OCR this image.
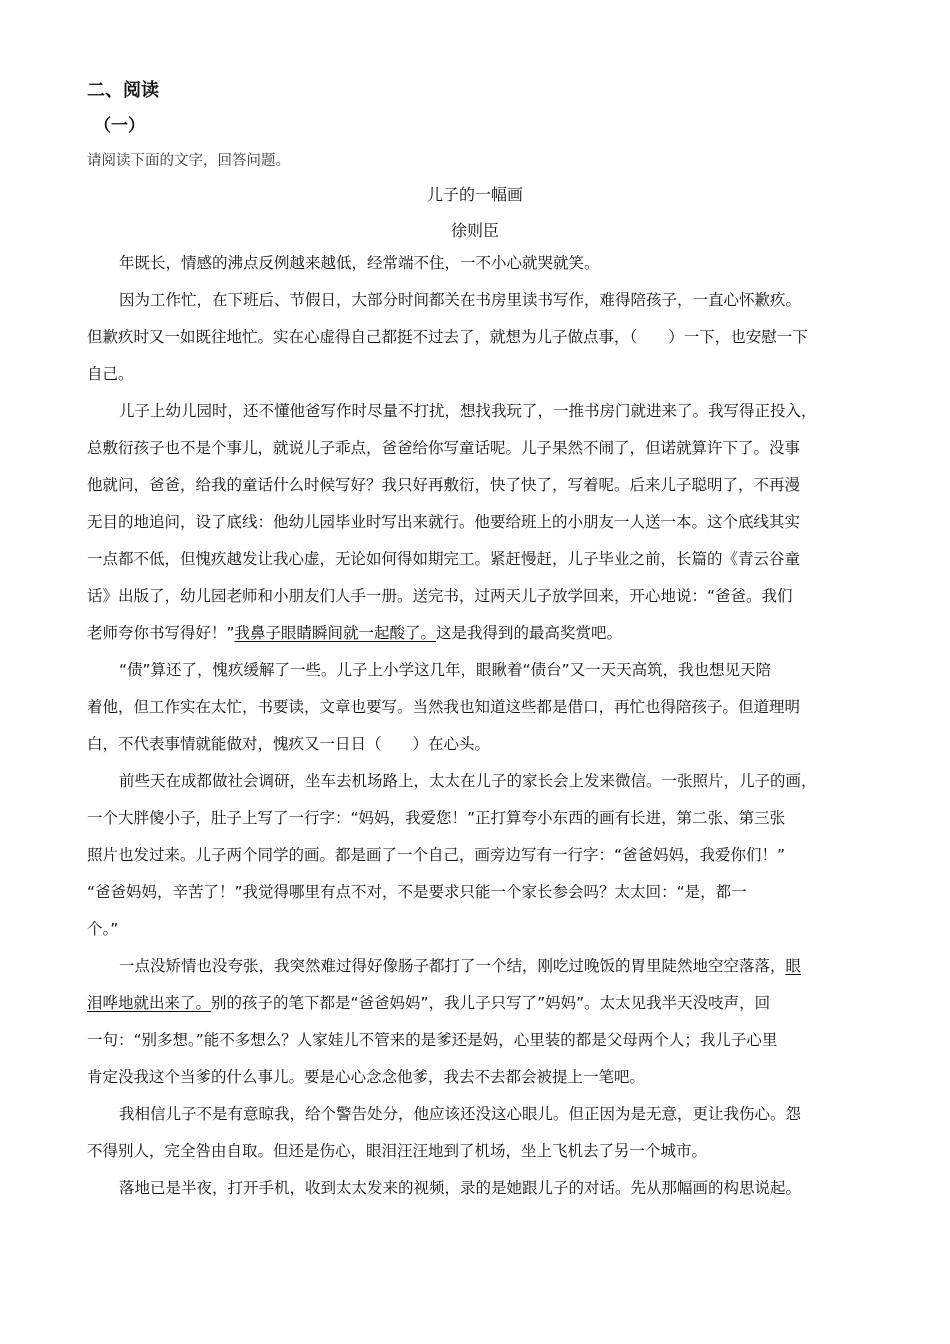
二、阅读
（一）
请阅读下面的文字，回答问题。
儿子的一幅画
徐则臣
年既长，情感的沸点反例越来越低，经常端不住，一不小心就哭就笑。
因为工作忙，在下班后、节假日，大部分时间都关在书房里读书写作，难得陪孩子，一直心怀歉疚。
但歉疚时又一如既往地忙。实在心虚得自己都挺不过去了，就想为儿子做点事，（　　）一下，也安慰一下
自己。
儿子上幼儿园时，还不懂他爸写作时尽量不打扰，想找我玩了，一推书房门就进来了。我写得正投入，
总敷衍孩子也不是个事儿，就说儿子乖点，爸爸给你写童话呢。儿子果然不闹了，但诺就算许下了。没事
他就问，爸爸，给我的童话什么时候写好？我只好再敷衍，快了快了，写着呢。后来儿子聪明了，不再漫
无目的地追问，设了底线：他幼儿园毕业时写出来就行。他要给班上的小朋友一人送一本。这个底线其实
一点都不低，但愧疚越发让我心虚，无论如何得如期完工。紧赶慢赶，儿子毕业之前，长篇的《青云谷童
话》出版了，幼儿园老师和小朋友们人手一册。送完书，过两天儿子放学回来，开心地说：“爸爸。我们
老师夸你书写得好！”我鼻子眼睛瞬间就一起酸了。这是我得到的最高奖赏吧。
“债”算还了，愧疚缓解了一些。儿子上小学这几年，眼瞅着“债台”又一天天高筑，我也想见天陪
着他，但工作实在太忙，书要读，文章也要写。当然我也知道这些都是借口，再忙也得陪孩子。但道理明
白，不代表事情就能做对，愧疚又一日日（　　）在心头。
前些天在成都做社会调研，坐车去机场路上，太太在儿子的家长会上发来微信。一张照片，儿子的画，
一个大胖傻小子，肚子上写了一行字：“妈妈，我爱您！”正打算夸小东西的画有长进，第二张、第三张
照片也发过来。儿子两个同学的画。都是画了一个自己，画旁边写有一行字：“爸爸妈妈，我爱你们！”
“爸爸妈妈，辛苦了！”我觉得哪里有点不对，不是要求只能一个家长参会吗？太太回：“是，都一
个。”
一点没矫情也没夸张，我突然难过得好像肠子都打了一个结，刚吃过晚饭的胃里陡然地空空落落，眼
泪哗地就出来了。别的孩子的笔下都是“爸爸妈妈”，我儿子只写了”妈妈”。太太见我半天没吱声，回
一句：“别多想。”能不多想么？人家娃儿不管来的是爹还是妈，心里装的都是父母两个人；我儿子心里
肯定没我这个当爹的什么事儿。要是心心念念他爹，我去不去都会被提上一笔吧。
我相信儿子不是有意晾我，给个警告处分，他应该还没这心眼儿。但正因为是无意，更让我伤心。怨
不得别人，完全咎由自取。但还是伤心，眼泪汪汪地到了机场，坐上飞机去了另一个城市。
落地已是半夜，打开手机，收到太太发来的视频，录的是她跟儿子的对话。先从那幅画的构思说起。
